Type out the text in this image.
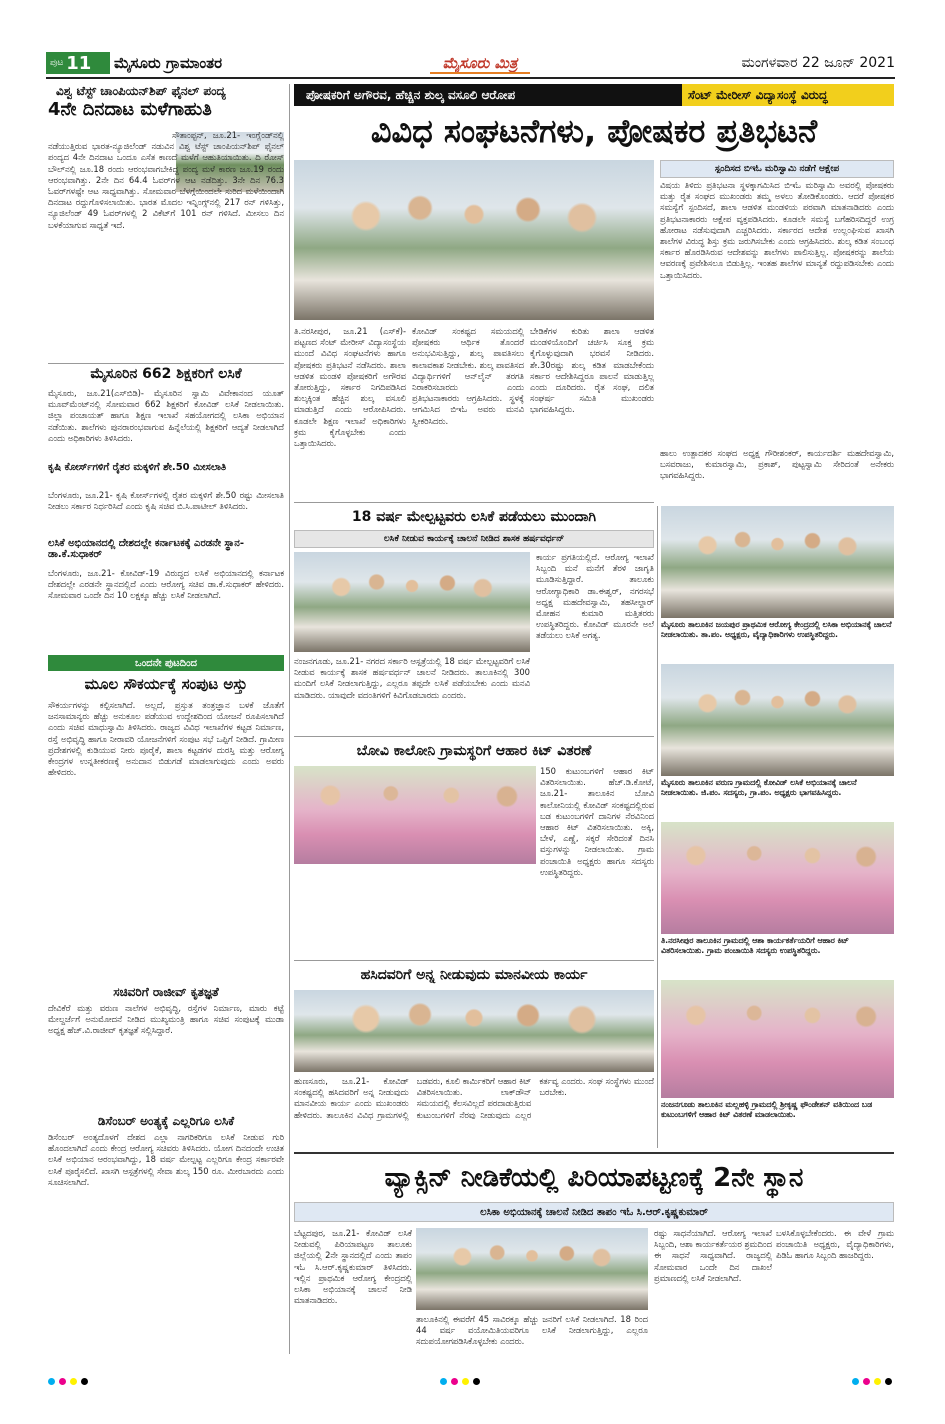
ಪುಟ 11 ಮೈಸೂರು ಗ್ರಾಮಾಂತರ	ಮೈಸೂರು ಮಿತ್ರ	ಮಂಗಳವಾರ 22 ಜೂನ್ 2021
ವಿಶ್ವ ಟೆಸ್ಟ್ ಚಾಂಪಿಯನ್‌ಶಿಪ್ ಫೈನಲ್ ಪಂದ್ಯ
4ನೇ ದಿನದಾಟ ಮಳೆಗಾಹುತಿ
ಸೌತಾಂಪ್ಟನ್, ಜೂ.21- ಇಂಗ್ಲೆಂಡ್‌ನಲ್ಲಿ ನಡೆಯುತ್ತಿರುವ ಭಾರತ-ನ್ಯೂಜಿಲೆಂಡ್ ನಡುವಿನ ವಿಶ್ವ ಟೆಸ್ಟ್ ಚಾಂಪಿಯನ್‌ಶಿಪ್ ಫೈನಲ್ ಪಂದ್ಯದ 4ನೇ ದಿನದಾಟ ಒಂದೂ ಎಸೆತ ಕಾಣದೆ ಮಳೆಗೆ ಆಹುತಿಯಾಯಿತು. ದಿ ರೋಸ್ ಬೌಲ್‌ನಲ್ಲಿ ಜೂ.18 ರಂದು ಆರಂಭವಾಗಬೇಕಿದ್ದ ಪಂದ್ಯ ಮಳೆ ಕಾರಣ ಜೂ.19 ರಂದು ಆರಂಭವಾಗಿತ್ತು. 2ನೇ ದಿನ 64.4 ಓವರ್‌ಗಳ ಆಟ ನಡೆದಿತ್ತು. 3ನೇ ದಿನ 76.3 ಓವರ್‌ಗಳಷ್ಟೇ ಆಟ ಸಾಧ್ಯವಾಗಿತ್ತು. ಸೋಮವಾರ ಬೆಳಗ್ಗೆಯಿಂದಲೇ ಸುರಿದ ಮಳೆಯಿಂದಾಗಿ ದಿನದಾಟ ರದ್ದುಗೊಳಿಸಲಾಯಿತು. ಭಾರತ ಮೊದಲ ಇನ್ನಿಂಗ್ಸ್‌ನಲ್ಲಿ 217 ರನ್ ಗಳಿಸಿತ್ತು, ನ್ಯೂಜಿಲೆಂಡ್ 49 ಓವರ್‌ಗಳಲ್ಲಿ 2 ವಿಕೆಟ್‌ಗೆ 101 ರನ್ ಗಳಿಸಿದೆ. ಮೀಸಲು ದಿನ ಬಳಕೆಯಾಗುವ ಸಾಧ್ಯತೆ ಇದೆ.
ಮೈಸೂರಿನ 662 ಶಿಕ್ಷಕರಿಗೆ ಲಸಿಕೆ
ಮೈಸೂರು, ಜೂ.21(ಎಸ್‌ಬಿಡಿ)- ಮೈಸೂರಿನ ಸ್ವಾಮಿ ವಿವೇಕಾನಂದ ಯೂತ್ ಮೂವ್‌ಮೆಂಟ್‌ನಲ್ಲಿ ಸೋಮವಾರ 662 ಶಿಕ್ಷಕರಿಗೆ ಕೋವಿಡ್ ಲಸಿಕೆ ನೀಡಲಾಯಿತು. ಜಿಲ್ಲಾ ಪಂಚಾಯತ್ ಹಾಗೂ ಶಿಕ್ಷಣ ಇಲಾಖೆ ಸಹಯೋಗದಲ್ಲಿ ಲಸಿಕಾ ಅಭಿಯಾನ ನಡೆಯಿತು. ಶಾಲೆಗಳು ಪುನರಾರಂಭವಾಗುವ ಹಿನ್ನೆಲೆಯಲ್ಲಿ ಶಿಕ್ಷಕರಿಗೆ ಆದ್ಯತೆ ನೀಡಲಾಗಿದೆ ಎಂದು ಅಧಿಕಾರಿಗಳು ತಿಳಿಸಿದರು.
ಕೃಷಿ ಕೋರ್ಸ್‌ಗಳಿಗೆ ರೈತರ ಮಕ್ಕಳಿಗೆ ಶೇ.50 ಮೀಸಲಾತಿ
ಬೆಂಗಳೂರು, ಜೂ.21- ಕೃಷಿ ಕೋರ್ಸ್‌ಗಳಲ್ಲಿ ರೈತರ ಮಕ್ಕಳಿಗೆ ಶೇ.50 ರಷ್ಟು ಮೀಸಲಾತಿ ನೀಡಲು ಸರ್ಕಾರ ನಿರ್ಧರಿಸಿದೆ ಎಂದು ಕೃಷಿ ಸಚಿವ ಬಿ.ಸಿ.ಪಾಟೀಲ್ ತಿಳಿಸಿದರು.
ಲಸಿಕೆ ಅಭಿಯಾನದಲ್ಲಿ ದೇಶದಲ್ಲೇ ಕರ್ನಾಟಕಕ್ಕೆ ಎರಡನೇ ಸ್ಥಾನ- ಡಾ.ಕೆ.ಸುಧಾಕರ್
ಬೆಂಗಳೂರು, ಜೂ.21- ಕೋವಿಡ್-19 ವಿರುದ್ಧದ ಲಸಿಕೆ ಅಭಿಯಾನದಲ್ಲಿ ಕರ್ನಾಟಕ ದೇಶದಲ್ಲೇ ಎರಡನೇ ಸ್ಥಾನದಲ್ಲಿದೆ ಎಂದು ಆರೋಗ್ಯ ಸಚಿವ ಡಾ.ಕೆ.ಸುಧಾಕರ್ ಹೇಳಿದರು. ಸೋಮವಾರ ಒಂದೇ ದಿನ 10 ಲಕ್ಷಕ್ಕೂ ಹೆಚ್ಚು ಲಸಿಕೆ ನೀಡಲಾಗಿದೆ.
ಒಂದನೇ ಪುಟದಿಂದ
ಮೂಲ ಸೌಕರ್ಯಕ್ಕೆ ಸಂಪುಟ ಅಸ್ತು
ಸೌಕರ್ಯಗಳನ್ನು ಕಲ್ಪಿಸಲಾಗಿದೆ. ಅಲ್ಲದೆ, ಪ್ರಸ್ತುತ ತಂತ್ರಜ್ಞಾನ ಬಳಕೆ ಜೊತೆಗೆ ಜನಸಾಮಾನ್ಯರು ಹೆಚ್ಚು ಅನುಕೂಲ ಪಡೆಯುವ ಉದ್ದೇಶದಿಂದ ಯೋಜನೆ ರೂಪಿಸಲಾಗಿದೆ ಎಂದು ಸಚಿವ ಮಾಧುಸ್ವಾಮಿ ತಿಳಿಸಿದರು. ರಾಜ್ಯದ ವಿವಿಧ ಇಲಾಖೆಗಳ ಕಟ್ಟಡ ನಿರ್ಮಾಣ, ರಸ್ತೆ ಅಭಿವೃದ್ಧಿ ಹಾಗೂ ನೀರಾವರಿ ಯೋಜನೆಗಳಿಗೆ ಸಂಪುಟ ಸಭೆ ಒಪ್ಪಿಗೆ ನೀಡಿದೆ. ಗ್ರಾಮೀಣ ಪ್ರದೇಶಗಳಲ್ಲಿ ಕುಡಿಯುವ ನೀರು ಪೂರೈಕೆ, ಶಾಲಾ ಕಟ್ಟಡಗಳ ದುರಸ್ತಿ ಮತ್ತು ಆರೋಗ್ಯ ಕೇಂದ್ರಗಳ ಉನ್ನತೀಕರಣಕ್ಕೆ ಅನುದಾನ ಬಿಡುಗಡೆ ಮಾಡಲಾಗುವುದು ಎಂದು ಅವರು ಹೇಳಿದರು.
ಸಚಿವರಿಗೆ ರಾಜೀವ್ ಕೃತಜ್ಞತೆ
ದೇವಿಕೆರೆ ಮತ್ತು ವರುಣ ನಾಲೆಗಳ ಅಭಿವೃದ್ಧಿ, ರಸ್ತೆಗಳ ನಿರ್ಮಾಣ, ಮಾರು ಕಟ್ಟೆ ಮೇಲ್ದರ್ಜೆಗೆ ಅನುಮೋದನೆ ನೀಡಿದ ಮುಖ್ಯಮಂತ್ರಿ ಹಾಗೂ ಸಚಿವ ಸಂಪುಟಕ್ಕೆ ಮುಡಾ ಅಧ್ಯಕ್ಷ ಹೆಚ್.ವಿ.ರಾಜೀವ್ ಕೃತಜ್ಞತೆ ಸಲ್ಲಿಸಿದ್ದಾರೆ.
ಡಿಸೆಂಬರ್ ಅಂತ್ಯಕ್ಕೆ ಎಲ್ಲರಿಗೂ ಲಸಿಕೆ
ಡಿಸೆಂಬರ್ ಅಂತ್ಯದೊಳಗೆ ದೇಶದ ಎಲ್ಲಾ ನಾಗರಿಕರಿಗೂ ಲಸಿಕೆ ನೀಡುವ ಗುರಿ ಹೊಂದಲಾಗಿದೆ ಎಂದು ಕೇಂದ್ರ ಆರೋಗ್ಯ ಸಚಿವರು ತಿಳಿಸಿದರು. ಯೋಗ ದಿನದಂದೇ ಉಚಿತ ಲಸಿಕೆ ಅಭಿಯಾನ ಆರಂಭವಾಗಿದ್ದು, 18 ವರ್ಷ ಮೇಲ್ಪಟ್ಟ ಎಲ್ಲರಿಗೂ ಕೇಂದ್ರ ಸರ್ಕಾರವೇ ಲಸಿಕೆ ಪೂರೈಸಲಿದೆ. ಖಾಸಗಿ ಆಸ್ಪತ್ರೆಗಳಲ್ಲಿ ಸೇವಾ ಶುಲ್ಕ 150 ರೂ. ಮೀರಬಾರದು ಎಂದು ಸೂಚಿಸಲಾಗಿದೆ.
ಪೋಷಕರಿಗೆ ಅಗೌರವ, ಹೆಚ್ಚಿನ ಶುಲ್ಕ ವಸೂಲಿ ಆರೋಪ	ಸೆಂಟ್ ಮೇರೀಸ್ ವಿದ್ಯಾಸಂಸ್ಥೆ ವಿರುದ್ಧ
ವಿವಿಧ ಸಂಘಟನೆಗಳು, ಪೋಷಕರ ಪ್ರತಿಭಟನೆ
ತಿ.ನರಸೀಪುರ, ಜೂ.21 (ಎಸ್‌ಕೆ)- ಪಟ್ಟಣದ ಸೆಂಟ್ ಮೇರೀಸ್ ವಿದ್ಯಾಸಂಸ್ಥೆಯ ಮುಂದೆ ವಿವಿಧ ಸಂಘಟನೆಗಳು ಹಾಗೂ ಪೋಷಕರು ಪ್ರತಿಭಟನೆ ನಡೆಸಿದರು. ಶಾಲಾ ಆಡಳಿತ ಮಂಡಳಿ ಪೋಷಕರಿಗೆ ಅಗೌರವ ತೋರುತ್ತಿದ್ದು, ಸರ್ಕಾರ ನಿಗದಿಪಡಿಸಿದ ಶುಲ್ಕಕ್ಕಿಂತ ಹೆಚ್ಚಿನ ಶುಲ್ಕ ವಸೂಲಿ ಮಾಡುತ್ತಿದೆ ಎಂದು ಆರೋಪಿಸಿದರು. ಕೂಡಲೇ ಶಿಕ್ಷಣ ಇಲಾಖೆ ಅಧಿಕಾರಿಗಳು ಕ್ರಮ ಕೈಗೊಳ್ಳಬೇಕು ಎಂದು ಒತ್ತಾಯಿಸಿದರು.
ಕೋವಿಡ್ ಸಂಕಷ್ಟದ ಸಮಯದಲ್ಲಿ ಪೋಷಕರು ಆರ್ಥಿಕ ತೊಂದರೆ ಅನುಭವಿಸುತ್ತಿದ್ದು, ಶುಲ್ಕ ಪಾವತಿಸಲು ಕಾಲಾವಕಾಶ ನೀಡಬೇಕು. ಶುಲ್ಕ ಪಾವತಿಸದ ವಿದ್ಯಾರ್ಥಿಗಳಿಗೆ ಆನ್‌ಲೈನ್ ತರಗತಿ ನಿರಾಕರಿಸಬಾರದು ಎಂದು ಪ್ರತಿಭಟನಾಕಾರರು ಆಗ್ರಹಿಸಿದರು. ಸ್ಥಳಕ್ಕೆ ಆಗಮಿಸಿದ ಬಿಇಓ ಅವರು ಮನವಿ ಸ್ವೀಕರಿಸಿದರು.
ಬೇಡಿಕೆಗಳ ಕುರಿತು ಶಾಲಾ ಆಡಳಿತ ಮಂಡಳಿಯೊಂದಿಗೆ ಚರ್ಚಿಸಿ ಸೂಕ್ತ ಕ್ರಮ ಕೈಗೊಳ್ಳುವುದಾಗಿ ಭರವಸೆ ನೀಡಿದರು. ಶೇ.30ರಷ್ಟು ಶುಲ್ಕ ಕಡಿತ ಮಾಡಬೇಕೆಂದು ಸರ್ಕಾರ ಆದೇಶಿಸಿದ್ದರೂ ಪಾಲನೆ ಮಾಡುತ್ತಿಲ್ಲ ಎಂದು ದೂರಿದರು. ರೈತ ಸಂಘ, ದಲಿತ ಸಂಘರ್ಷ ಸಮಿತಿ ಮುಖಂಡರು ಭಾಗವಹಿಸಿದ್ದರು.
ಸ್ಪಂದಿಸದ ಬಿಇಓ ಮರಿಸ್ವಾಮಿ ನಡೆಗೆ ಆಕ್ಷೇಪ
ವಿಷಯ ತಿಳಿದು ಪ್ರತಿಭಟನಾ ಸ್ಥಳಕ್ಕಾಗಮಿಸಿದ ಬಿಇಓ ಮರಿಸ್ವಾಮಿ ಅವರಲ್ಲಿ ಪೋಷಕರು ಮತ್ತು ರೈತ ಸಂಘದ ಮುಖಂಡರು ತಮ್ಮ ಅಳಲು ತೋಡಿಕೊಂಡರು. ಆದರೆ ಪೋಷಕರ ಸಮಸ್ಯೆಗೆ ಸ್ಪಂದಿಸದೆ, ಶಾಲಾ ಆಡಳಿತ ಮಂಡಳಿಯ ಪರವಾಗಿ ಮಾತನಾಡಿದರು ಎಂದು ಪ್ರತಿಭಟನಾಕಾರರು ಆಕ್ಷೇಪ ವ್ಯಕ್ತಪಡಿಸಿದರು. ಕೂಡಲೇ ಸಮಸ್ಯೆ ಬಗೆಹರಿಸದಿದ್ದರೆ ಉಗ್ರ ಹೋರಾಟ ನಡೆಸುವುದಾಗಿ ಎಚ್ಚರಿಸಿದರು. ಸರ್ಕಾರದ ಆದೇಶ ಉಲ್ಲಂಘಿಸುವ ಖಾಸಗಿ ಶಾಲೆಗಳ ವಿರುದ್ಧ ಶಿಸ್ತು ಕ್ರಮ ಜರುಗಿಸಬೇಕು ಎಂದು ಆಗ್ರಹಿಸಿದರು. ಶುಲ್ಕ ಕಡಿತ ಸಂಬಂಧ ಸರ್ಕಾರ ಹೊರಡಿಸಿರುವ ಆದೇಶವನ್ನು ಶಾಲೆಗಳು ಪಾಲಿಸುತ್ತಿಲ್ಲ. ಪೋಷಕರನ್ನು ಶಾಲೆಯ ಆವರಣಕ್ಕೆ ಪ್ರವೇಶಿಸಲೂ ಬಿಡುತ್ತಿಲ್ಲ. ಇಂತಹ ಶಾಲೆಗಳ ಮಾನ್ಯತೆ ರದ್ದುಪಡಿಸಬೇಕು ಎಂದು ಒತ್ತಾಯಿಸಿದರು.
ಹಾಲು ಉತ್ಪಾದಕರ ಸಂಘದ ಅಧ್ಯಕ್ಷ ಗೌರೀಶಂಕರ್, ಕಾರ್ಯದರ್ಶಿ ಮಹದೇವಸ್ವಾಮಿ, ಬಸವರಾಜು, ಕುಮಾರಸ್ವಾಮಿ, ಪ್ರಕಾಶ್, ಪುಟ್ಟಸ್ವಾಮಿ ಸೇರಿದಂತೆ ಅನೇಕರು ಭಾಗವಹಿಸಿದ್ದರು.
18 ವರ್ಷ ಮೇಲ್ಪಟ್ಟವರು ಲಸಿಕೆ ಪಡೆಯಲು ಮುಂದಾಗಿ
ಲಸಿಕೆ ನೀಡುವ ಕಾರ್ಯಕ್ಕೆ ಚಾಲನೆ ನೀಡಿದ ಶಾಸಕ ಹರ್ಷವರ್ಧನ್
ಕಾರ್ಯ ಪ್ರಗತಿಯಲ್ಲಿದೆ. ಆರೋಗ್ಯ ಇಲಾಖೆ ಸಿಬ್ಬಂದಿ ಮನೆ ಮನೆಗೆ ತೆರಳಿ ಜಾಗೃತಿ ಮೂಡಿಸುತ್ತಿದ್ದಾರೆ. ತಾಲೂಕು ಆರೋಗ್ಯಾಧಿಕಾರಿ ಡಾ.ಈಶ್ವರ್, ನಗರಸಭೆ ಅಧ್ಯಕ್ಷ ಮಹದೇವಸ್ವಾಮಿ, ತಹಸೀಲ್ದಾರ್ ಮೋಹನ ಕುಮಾರಿ ಮತ್ತಿತರರು ಉಪಸ್ಥಿತರಿದ್ದರು. ಕೋವಿಡ್ ಮೂರನೇ ಅಲೆ ತಡೆಯಲು ಲಸಿಕೆ ಅಗತ್ಯ.
ನಂಜನಗೂಡು, ಜೂ.21- ನಗರದ ಸರ್ಕಾರಿ ಆಸ್ಪತ್ರೆಯಲ್ಲಿ 18 ವರ್ಷ ಮೇಲ್ಪಟ್ಟವರಿಗೆ ಲಸಿಕೆ ನೀಡುವ ಕಾರ್ಯಕ್ಕೆ ಶಾಸಕ ಹರ್ಷವರ್ಧನ್ ಚಾಲನೆ ನೀಡಿದರು. ತಾಲೂಕಿನಲ್ಲಿ 300 ಮಂದಿಗೆ ಲಸಿಕೆ ನೀಡಲಾಗುತ್ತಿದ್ದು, ಎಲ್ಲರೂ ತಪ್ಪದೇ ಲಸಿಕೆ ಪಡೆಯಬೇಕು ಎಂದು ಮನವಿ ಮಾಡಿದರು. ಯಾವುದೇ ವದಂತಿಗಳಿಗೆ ಕಿವಿಗೊಡಬಾರದು ಎಂದರು.
ಬೋವಿ ಕಾಲೋನಿ ಗ್ರಾಮಸ್ಥರಿಗೆ ಆಹಾರ ಕಿಟ್ ವಿತರಣೆ
150 ಕುಟುಂಬಗಳಿಗೆ ಆಹಾರ ಕಿಟ್ ವಿತರಿಸಲಾಯಿತು. ಹೆಚ್.ಡಿ.ಕೋಟೆ, ಜೂ.21- ತಾಲೂಕಿನ ಬೋವಿ ಕಾಲೋನಿಯಲ್ಲಿ ಕೋವಿಡ್ ಸಂಕಷ್ಟದಲ್ಲಿರುವ ಬಡ ಕುಟುಂಬಗಳಿಗೆ ದಾನಿಗಳ ನೆರವಿನಿಂದ ಆಹಾರ ಕಿಟ್ ವಿತರಿಸಲಾಯಿತು. ಅಕ್ಕಿ, ಬೇಳೆ, ಎಣ್ಣೆ, ಸಕ್ಕರೆ ಸೇರಿದಂತೆ ದಿನಸಿ ವಸ್ತುಗಳನ್ನು ನೀಡಲಾಯಿತು. ಗ್ರಾಮ ಪಂಚಾಯಿತಿ ಅಧ್ಯಕ್ಷರು ಹಾಗೂ ಸದಸ್ಯರು ಉಪಸ್ಥಿತರಿದ್ದರು.
ಹಸಿದವರಿಗೆ ಅನ್ನ ನೀಡುವುದು ಮಾನವೀಯ ಕಾರ್ಯ
ಹುಣಸೂರು, ಜೂ.21- ಕೋವಿಡ್ ಸಂಕಷ್ಟದಲ್ಲಿ ಹಸಿದವರಿಗೆ ಅನ್ನ ನೀಡುವುದು ಮಾನವೀಯ ಕಾರ್ಯ ಎಂದು ಮುಖಂಡರು ಹೇಳಿದರು. ತಾಲೂಕಿನ ವಿವಿಧ ಗ್ರಾಮಗಳಲ್ಲಿ ಬಡವರು, ಕೂಲಿ ಕಾರ್ಮಿಕರಿಗೆ ಆಹಾರ ಕಿಟ್ ವಿತರಿಸಲಾಯಿತು. ಲಾಕ್‌ಡೌನ್ ಸಮಯದಲ್ಲಿ ಕೆಲಸವಿಲ್ಲದೆ ಪರದಾಡುತ್ತಿರುವ ಕುಟುಂಬಗಳಿಗೆ ನೆರವು ನೀಡುವುದು ಎಲ್ಲರ ಕರ್ತವ್ಯ ಎಂದರು. ಸಂಘ ಸಂಸ್ಥೆಗಳು ಮುಂದೆ ಬರಬೇಕು.
ಮೈಸೂರು ತಾಲೂಕಿನ ಜಯಪುರ ಪ್ರಾಥಮಿಕ ಆರೋಗ್ಯ ಕೇಂದ್ರದಲ್ಲಿ ಲಸಿಕಾ ಅಭಿಯಾನಕ್ಕೆ ಚಾಲನೆ ನೀಡಲಾಯಿತು. ತಾ.ಪಂ. ಅಧ್ಯಕ್ಷರು, ವೈದ್ಯಾಧಿಕಾರಿಗಳು ಉಪಸ್ಥಿತರಿದ್ದರು.
ಮೈಸೂರು ತಾಲೂಕಿನ ವರುಣ ಗ್ರಾಮದಲ್ಲಿ ಕೋವಿಡ್ ಲಸಿಕೆ ಅಭಿಯಾನಕ್ಕೆ ಚಾಲನೆ ನೀಡಲಾಯಿತು. ಜಿ.ಪಂ. ಸದಸ್ಯರು, ಗ್ರಾ.ಪಂ. ಅಧ್ಯಕ್ಷರು ಭಾಗವಹಿಸಿದ್ದರು.
ತಿ.ನರಸೀಪುರ ತಾಲೂಕಿನ ಗ್ರಾಮದಲ್ಲಿ ಆಶಾ ಕಾರ್ಯಕರ್ತೆಯರಿಗೆ ಆಹಾರ ಕಿಟ್ ವಿತರಿಸಲಾಯಿತು. ಗ್ರಾಮ ಪಂಚಾಯಿತಿ ಸದಸ್ಯರು ಉಪಸ್ಥಿತರಿದ್ದರು.
ನಂಜನಗೂಡು ತಾಲೂಕಿನ ಮಲ್ಲಹಳ್ಳಿ ಗ್ರಾಮದಲ್ಲಿ ಶ್ರೀಕೃಷ್ಣ ಫೌಂಡೇಶನ್ ವತಿಯಿಂದ ಬಡ ಕುಟುಂಬಗಳಿಗೆ ಆಹಾರ ಕಿಟ್ ವಿತರಣೆ ಮಾಡಲಾಯಿತು.
ವ್ಯಾಕ್ಸಿನ್ ನೀಡಿಕೆಯಲ್ಲಿ ಪಿರಿಯಾಪಟ್ಟಣಕ್ಕೆ 2ನೇ ಸ್ಥಾನ
ಲಸಿಕಾ ಅಭಿಯಾನಕ್ಕೆ ಚಾಲನೆ ನೀಡಿದ ತಾಪಂ ಇಓ ಸಿ.ಆರ್.ಕೃಷ್ಣಕುಮಾರ್
ಬೆಟ್ಟದಪುರ, ಜೂ.21- ಕೋವಿಡ್ ಲಸಿಕೆ ನೀಡುವಲ್ಲಿ ಪಿರಿಯಾಪಟ್ಟಣ ತಾಲೂಕು ಜಿಲ್ಲೆಯಲ್ಲಿ 2ನೇ ಸ್ಥಾನದಲ್ಲಿದೆ ಎಂದು ತಾಪಂ ಇಓ ಸಿ.ಆರ್.ಕೃಷ್ಣಕುಮಾರ್ ತಿಳಿಸಿದರು. ಇಲ್ಲಿನ ಪ್ರಾಥಮಿಕ ಆರೋಗ್ಯ ಕೇಂದ್ರದಲ್ಲಿ ಲಸಿಕಾ ಅಭಿಯಾನಕ್ಕೆ ಚಾಲನೆ ನೀಡಿ ಮಾತನಾಡಿದರು.
ತಾಲೂಕಿನಲ್ಲಿ ಈವರೆಗೆ 45 ಸಾವಿರಕ್ಕೂ ಹೆಚ್ಚು ಜನರಿಗೆ ಲಸಿಕೆ ನೀಡಲಾಗಿದೆ. 18 ರಿಂದ 44 ವರ್ಷ ವಯೋಮಿತಿಯವರಿಗೂ ಲಸಿಕೆ ನೀಡಲಾಗುತ್ತಿದ್ದು, ಎಲ್ಲರೂ ಸದುಪಯೋಗಪಡಿಸಿಕೊಳ್ಳಬೇಕು ಎಂದರು.
ರಷ್ಟು ಸಾಧನೆಯಾಗಿದೆ. ಆರೋಗ್ಯ ಇಲಾಖೆ ಸಿಬ್ಬಂದಿ, ಆಶಾ ಕಾರ್ಯಕರ್ತೆಯರ ಶ್ರಮದಿಂದ ಈ ಸಾಧನೆ ಸಾಧ್ಯವಾಗಿದೆ. ರಾಜ್ಯದಲ್ಲಿ ಸೋಮವಾರ ಒಂದೇ ದಿನ ದಾಖಲೆ ಪ್ರಮಾಣದಲ್ಲಿ ಲಸಿಕೆ ನೀಡಲಾಗಿದೆ.
ಬಳಸಿಕೊಳ್ಳಬೇಕೆಂದರು. ಈ ವೇಳೆ ಗ್ರಾಮ ಪಂಚಾಯಿತಿ ಅಧ್ಯಕ್ಷರು, ವೈದ್ಯಾಧಿಕಾರಿಗಳು, ಪಿಡಿಓ ಹಾಗೂ ಸಿಬ್ಬಂದಿ ಹಾಜರಿದ್ದರು.
